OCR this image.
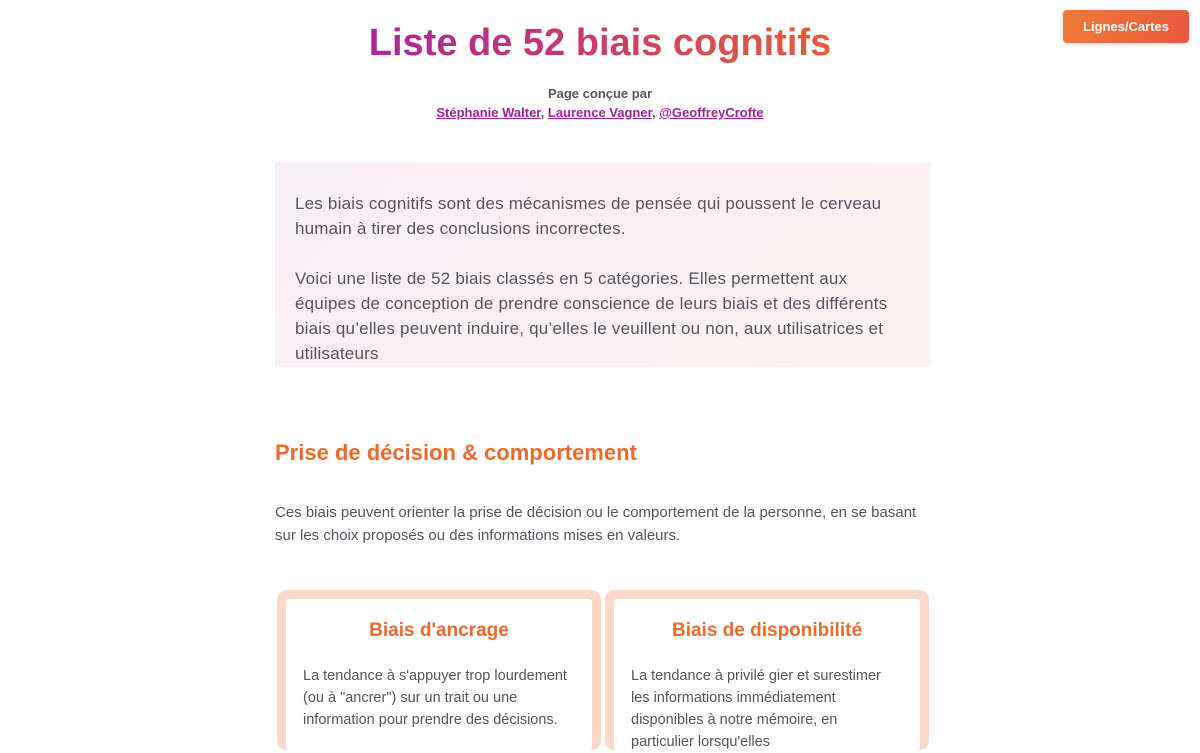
Lignes/Cartes
Liste de 52 biais cognitifs
Page conçue par
Stéphanie Walter, Laurence Vagner, @GeoffreyCrofte

Les biais cognitifs sont des mécanismes de pensée qui poussent le cerveau humain à tirer des conclusions incorrectes.

Voici une liste de 52 biais classés en 5 catégories. Elles permettent aux équipes de conception de prendre conscience de leurs biais et des différents biais qu’elles peuvent induire, qu’elles le veuillent ou non, aux utilisatrices et utilisateurs

Prise de décision & comportement

Ces biais peuvent orienter la prise de décision ou le comportement de la personne, en se basant sur les choix proposés ou des informations mises en valeurs.

Biais d'ancrage

La tendance à s'appuyer trop lourdement (ou à "ancrer") sur un trait ou une information pour prendre des décisions.

Biais de disponibilité

La tendance à privilé gier et surestimer les informations immédiatement disponibles à notre mémoire, en particulier lorsqu'elles
